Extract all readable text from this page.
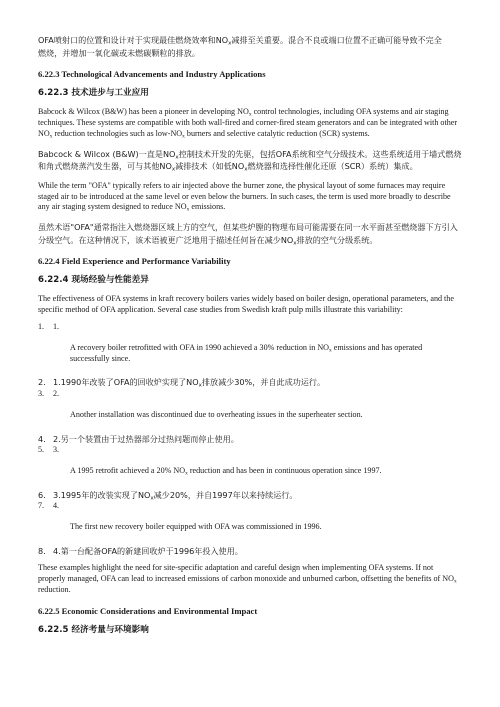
OFA喷射口的位置和设计对于实现最佳燃烧效率和$NO_x$减排至关重要。混合不良或端口位置不正确可能导致不完全
燃烧，并增加一氧化碳或未燃碳颗粒的排放。

6.22.3 Technological Advancements and Industry Applications
6.22.3 技术进步与工业应用

Babcock & Wilcox (B&W) has been a pioneer in developing $NO_x$ control technologies, including OFA systems and air staging techniques. These systems are compatible with both wall-fired and corner-fired steam generators and can be integrated with other $NO_x$ reduction technologies such as low-$NO_x$ burners and selective catalytic reduction (SCR) systems.

Babcock & Wilcox (B&W)一直是$NO_x$控制技术开发的先驱，包括OFA系统和空气分级技术。这些系统适用于墙式燃烧和角式燃烧蒸汽发生器，可与其他$NO_x$减排技术（如低$NO_x$燃烧器和选择性催化还原（SCR）系统）集成。

While the term "OFA" typically refers to air injected above the burner zone, the physical layout of some furnaces may require staged air to be introduced at the same level or even below the burners. In such cases, the term is used more broadly to describe any air staging system designed to reduce $NO_x$ emissions.

虽然术语"OFA"通常指注入燃烧器区域上方的空气，但某些炉膛的物理布局可能需要在同一水平面甚至燃烧器下方引入分级空气。在这种情况下，该术语被更广泛地用于描述任何旨在减少$NO_x$排放的空气分级系统。

6.22.4 Field Experience and Performance Variability
6.22.4 现场经验与性能差异

The effectiveness of OFA systems in kraft recovery boilers varies widely based on boiler design, operational parameters, and the specific method of OFA application. Several case studies from Swedish kraft pulp mills illustrate this variability:

1. 1.

A recovery boiler retrofitted with OFA in 1990 achieved a 30% reduction in $NO_x$ emissions and has operated successfully since.

2. 1.1990年改装了OFA的回收炉实现了$NO_x$排放减少30%，并自此成功运行。

3. 2.

Another installation was discontinued due to overheating issues in the superheater section.

4. 2.另一个装置由于过热器部分过热问题而停止使用。

5. 3.

A 1995 retrofit achieved a 20% $NO_x$ reduction and has been in continuous operation since 1997.

6. 3.1995年的改装实现了$NO_x$减少20%，并自1997年以来持续运行。

7. 4.

The first new recovery boiler equipped with OFA was commissioned in 1996.

8. 4.第一台配备OFA的新建回收炉于1996年投入使用。

These examples highlight the need for site-specific adaptation and careful design when implementing OFA systems. If not properly managed, OFA can lead to increased emissions of carbon monoxide and unburned carbon, offsetting the benefits of $NO_x$ reduction.

6.22.5 Economic Considerations and Environmental Impact
6.22.5 经济考量与环境影响
